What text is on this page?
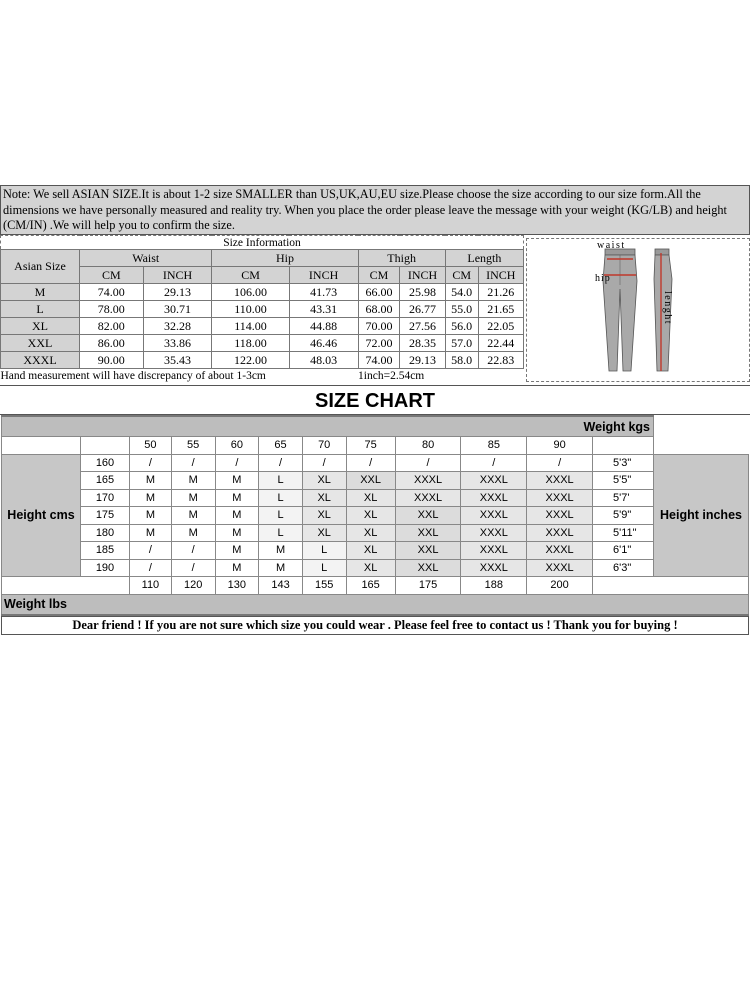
Note: We sell ASIAN SIZE.It is about 1-2 size SMALLER than US,UK,AU,EU size.Please choose the size according to our size form.All the dimensions we have personally measured and reality try. When you place the order please leave the message with your weight (KG/LB) and height (CM/IN) .We will help you to confirm the size.
Size Information								
Asian Size	Waist		Hip		Thigh		Length	
	CM	INCH	CM	INCH	CM	INCH	CM	INCH
M	74.00	29.13	106.00	41.73	66.00	25.98	54.0	21.26
L	78.00	30.71	110.00	43.31	68.00	26.77	55.0	21.65
XL	82.00	32.28	114.00	44.88	70.00	27.56	56.0	22.05
XXL	86.00	33.86	118.00	46.46	72.00	28.35	57.0	22.44
XXXL	90.00	35.43	122.00	48.03	74.00	29.13	58.0	22.83
Hand measurement will have discrepancy of about 1-3cm					1inch=2.54cm			
waist
hip
lenght
SIZE CHART
Weight kgs												
		50	55	60	65	70	75	80	85	90		
Height cms	160	/	/	/	/	/	/	/	/	/	5'3"	Height inches
	165	M	M	M	L	XL	XXL	XXXL	XXXL	XXXL	5'5"	
	170	M	M	M	L	XL	XL	XXXL	XXXL	XXXL	5'7'	
	175	M	M	M	L	XL	XL	XXL	XXXL	XXXL	5'9"	
	180	M	M	M	L	XL	XL	XXL	XXXL	XXXL	5'11"	
	185	/	/	M	M	L	XL	XXL	XXXL	XXXL	6'1"	
	190	/	/	M	M	L	XL	XXL	XXXL	XXXL	6'3"	
		110	120	130	143	155	165	175	188	200		
Weight lbs												
Dear friend ! If you are not sure which size you could wear . Please feel free to contact us ! Thank you for buying !
